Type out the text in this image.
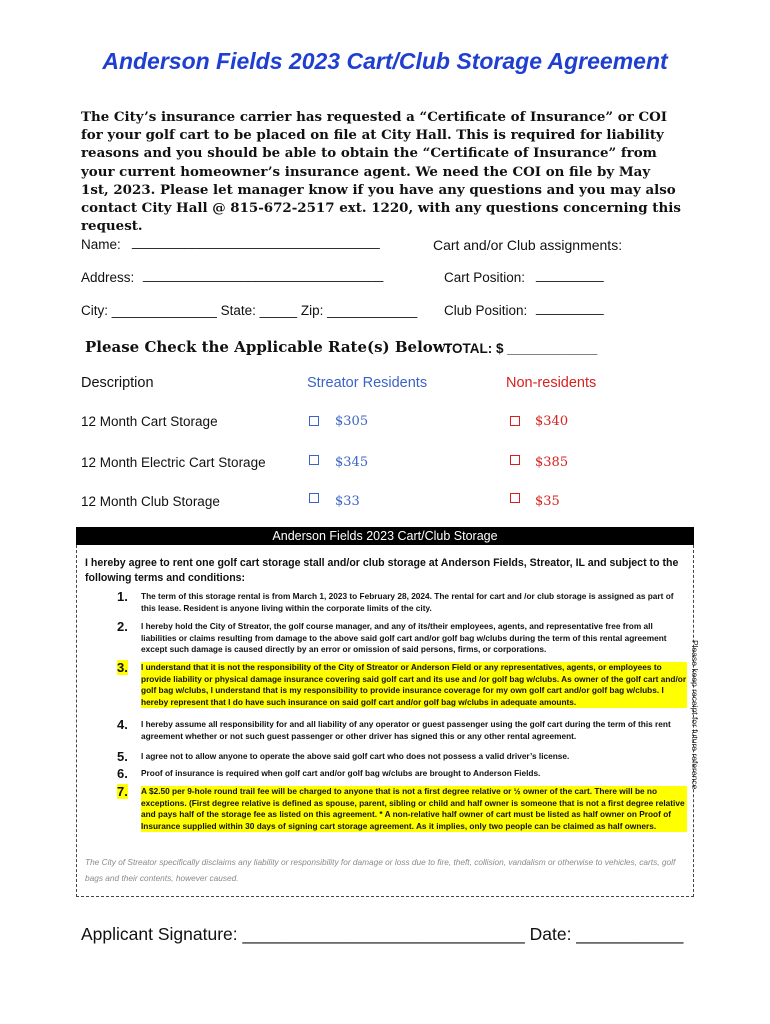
Anderson Fields 2023 Cart/Club Storage Agreement
The City’s insurance carrier has requested a “Certificate of Insurance” or COI for your golf cart to be placed on file at City Hall. This is required for liability reasons and you should be able to obtain the “Certificate of Insurance” from your current homeowner’s insurance agent. We need the COI on file by May 1st, 2023. Please let manager know if you have any questions and you may also contact City Hall @ 815-672-2517 ext. 1220, with any questions concerning this request.
Name: _________________________________	Cart and/or Club assignments:
Address: ________________________________	Cart Position: _________
City: ______________ State: _____ Zip: ____________ Club Position: _________
Please Check the Applicable Rate(s) Below:
TOTAL: $ ____________
Description	Streator Residents	Non-residents
12 Month Cart Storage	$305	$340
12 Month Electric Cart Storage	$345	$385
12 Month Club Storage	$33	$35
Anderson Fields 2023 Cart/Club Storage
I hereby agree to rent one golf cart storage stall and/or club storage at Anderson Fields, Streator, IL and subject to the following terms and conditions:
1. The term of this storage rental is from March 1, 2023 to February 28, 2024. The rental for cart and /or club storage is assigned as part of this lease. Resident is anyone living within the corporate limits of the city.
2. I hereby hold the City of Streator, the golf course manager, and any of its/their employees, agents, and representative free from all liabilities or claims resulting from damage to the above said golf cart and/or golf bag w/clubs during the term of this rental agreement except such damage is caused directly by an error or omission of said persons, firms, or corporations.
3. I understand that it is not the responsibility of the City of Streator or Anderson Field or any representatives, agents, or employees to provide liability or physical damage insurance covering said golf cart and its use and /or golf bag w/clubs. As owner of the golf cart and/or golf bag w/clubs, I understand that is my responsibility to provide insurance coverage for my own golf cart and/or golf bag w/clubs. I hereby represent that I do have such insurance on said golf cart and/or golf bag w/clubs in adequate amounts.
4. I hereby assume all responsibility for and all liability of any operator or guest passenger using the golf cart during the term of this rent agreement whether or not such guest passenger or other driver has signed this or any other rental agreement.
5. I agree not to allow anyone to operate the above said golf cart who does not possess a valid driver’s license.
6. Proof of insurance is required when golf cart and/or golf bag w/clubs are brought to Anderson Fields.
7. A $2.50 per 9-hole round trail fee will be charged to anyone that is not a first degree relative or ½ owner of the cart. There will be no exceptions. (First degree relative is defined as spouse, parent, sibling or child and half owner is someone that is not a first degree relative and pays half of the storage fee as listed on this agreement. * A non-relative half owner of cart must be listed as half owner on Proof of Insurance supplied within 30 days of signing cart storage agreement. As it implies, only two people can be claimed as half owners.
The City of Streator specifically disclaims any liability or responsibility for damage or loss due to fire, theft, collision, vandalism or otherwise to vehicles, carts, golf bags and their contents, however caused.
Please keep receipt for future reference
Applicant Signature: _____________________________ Date: ___________
